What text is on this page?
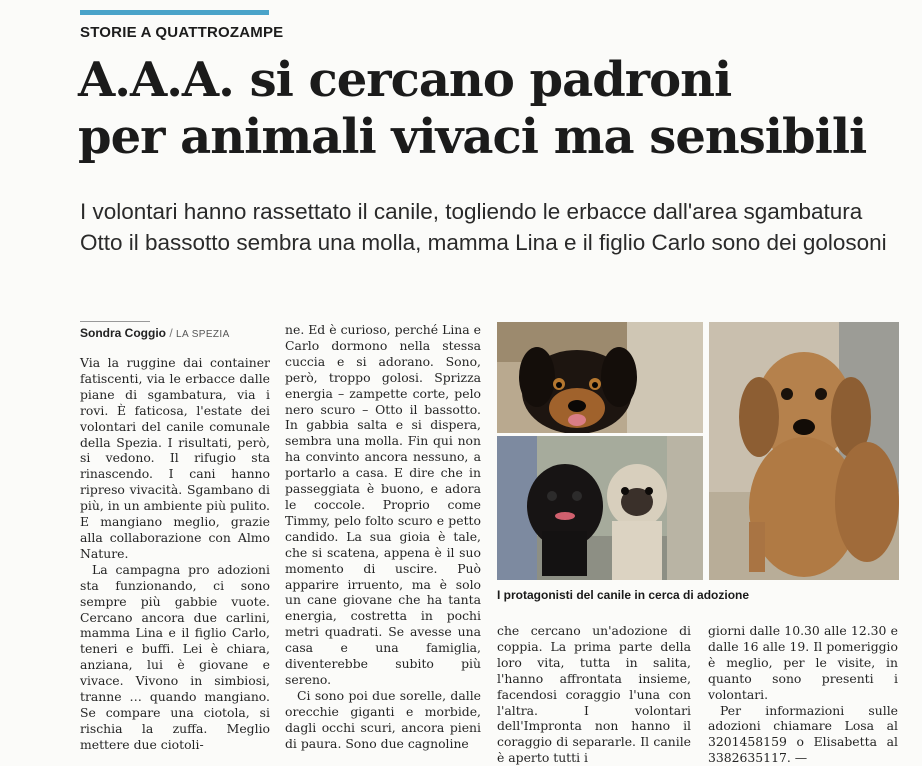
STORIE A QUATTROZAMPE
A.A.A. si cercano padroni
per animali vivaci ma sensibili

I volontari hanno rassettato il canile, togliendo le erbacce dall'area sgambatura
Otto il bassotto sembra una molla, mamma Lina e il figlio Carlo sono dei golosoni

Sondra Coggio / LA SPEZIA

Via la ruggine dai container fatiscenti, via le erbacce dalle piane di sgambatura, via i rovi. È faticosa, l'estate dei volontari del canile comunale della Spezia. I risultati, però, si vedono. Il rifugio sta rinascendo. I cani hanno ripreso vivacità. Sgambano di più, in un ambiente più pulito. E mangiano meglio, grazie alla collaborazione con Almo Nature.

La campagna pro adozioni sta funzionando, ci sono sempre più gabbie vuote. Cercano ancora due carlini, mamma Lina e il figlio Carlo, teneri e buffi. Lei è chiara, anziana, lui è giovane e vivace. Vivono in simbiosi, tranne … quando mangiano. Se compare una ciotola, si rischia la zuffa. Meglio mettere due ciotoli-

ne. Ed è curioso, perché Lina e Carlo dormono nella stessa cuccia e si adorano. Sono, però, troppo golosi. Sprizza energia – zampette corte, pelo nero scuro – Otto il bassotto. In gabbia salta e si dispera, sembra una molla. Fin qui non ha convinto ancora nessuno, a portarlo a casa. E dire che in passeggiata è buono, e adora le coccole. Proprio come Timmy, pelo folto scuro e petto candido. La sua gioia è tale, che si scatena, appena è il suo momento di uscire. Può apparire irruento, ma è solo un cane giovane che ha tanta energia, costretta in pochi metri quadrati. Se avesse una casa e una famiglia, diventerebbe subito più sereno.

Ci sono poi due sorelle, dalle orecchie giganti e morbide, dagli occhi scuri, ancora pieni di paura. Sono due cagnoline

I protagonisti del canile in cerca di adozione

che cercano un'adozione di coppia. La prima parte della loro vita, tutta in salita, l'hanno affrontata insieme, facendosi coraggio l'una con l'altra. I volontari dell'Impronta non hanno il coraggio di separarle. Il canile è aperto tutti i

giorni dalle 10.30 alle 12.30 e dalle 16 alle 19. Il pomeriggio è meglio, per le visite, in quanto sono presenti i volontari.

Per informazioni sulle adozioni chiamare Losa al 3201458159 o Elisabetta al 3382635117. —
